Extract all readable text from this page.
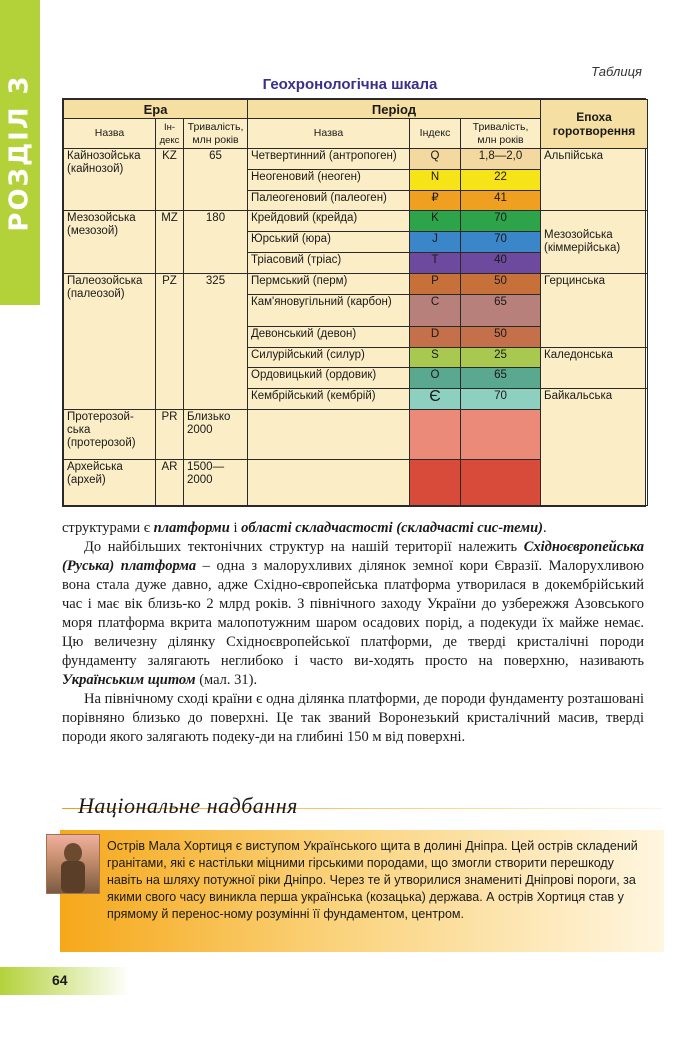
РОЗДІЛ 3
Таблиця
Геохронологічна шкала
Ера			Період			Епоха горотворення
Назва	Ін-декс	Тривалість, млн років	Назва	Індекс	Тривалість, млн років	
Кайнозойська (кайнозой)	KZ	65	Четвертинний (антропоген)	Q	1,8—2,0	Альпійська
			Неогеновий (неоген)	N	22	
			Палеогеновий (палеоген)	₽	41	
Мезозойська (мезозой)	MZ	180	Крейдовий (крейда)	K	70	Мезозойська (кіммерійська)
			Юрський (юра)	J	70	
			Тріасовий (тріас)	T	40	
Палеозойська (палеозой)	PZ	325	Пермський (перм)	P	50	Герцинська
			Кам'яновугільний (карбон)	C	65	
			Девонський (девон)	D	50	
			Силурійський (силур)	S	25	Каледонська
			Ордовицький (ордовик)	O	65	
			Кембрійський (кембрій)	Є	70	Байкальська
Протерозой-ська (протерозой)	PR	Близько 2000				
Архейська (архей)	AR	1500— 2000				

структурами є платформи і області складчастості (складчасті сис-теми).

До найбільших тектонічних структур на нашій території належить Східноєвропейська (Руська) платформа – одна з малорухливих ділянок земної кори Євразії. Малорухливою вона стала дуже давно, адже Східно-європейська платформа утворилася в докембрійський час і має вік близь-ко 2 млрд років. З північного заходу України до узбережжя Азовського моря платформа вкрита малопотужним шаром осадових порід, а подекуди їх майже немає. Цю величезну ділянку Східноєвропейської платформи, де тверді кристалічні породи фундаменту залягають неглибоко і часто ви-ходять просто на поверхню, називають Українським щитом (мал. 31).

На північному сході країни є одна ділянка платформи, де породи фундаменту розташовані порівняно близько до поверхні. Це так званий Воронезький кристалічний масив, тверді породи якого залягають подеку-ди на глибині 150 м від поверхні.

Національне надбання
Острів Мала Хортиця є виступом Українського щита в долині Дніпра. Цей острів складений гранітами, які є настільки міцними гірськими породами, що змогли створити перешкоду навіть на шляху потужної ріки Дніпро. Через те й утворилися знамениті Дніпрові пороги, за якими свого часу виникла перша українська (козацька) держава. А острів Хортиця став у прямому й перенос-ному розумінні її фундаментом, центром.
64
